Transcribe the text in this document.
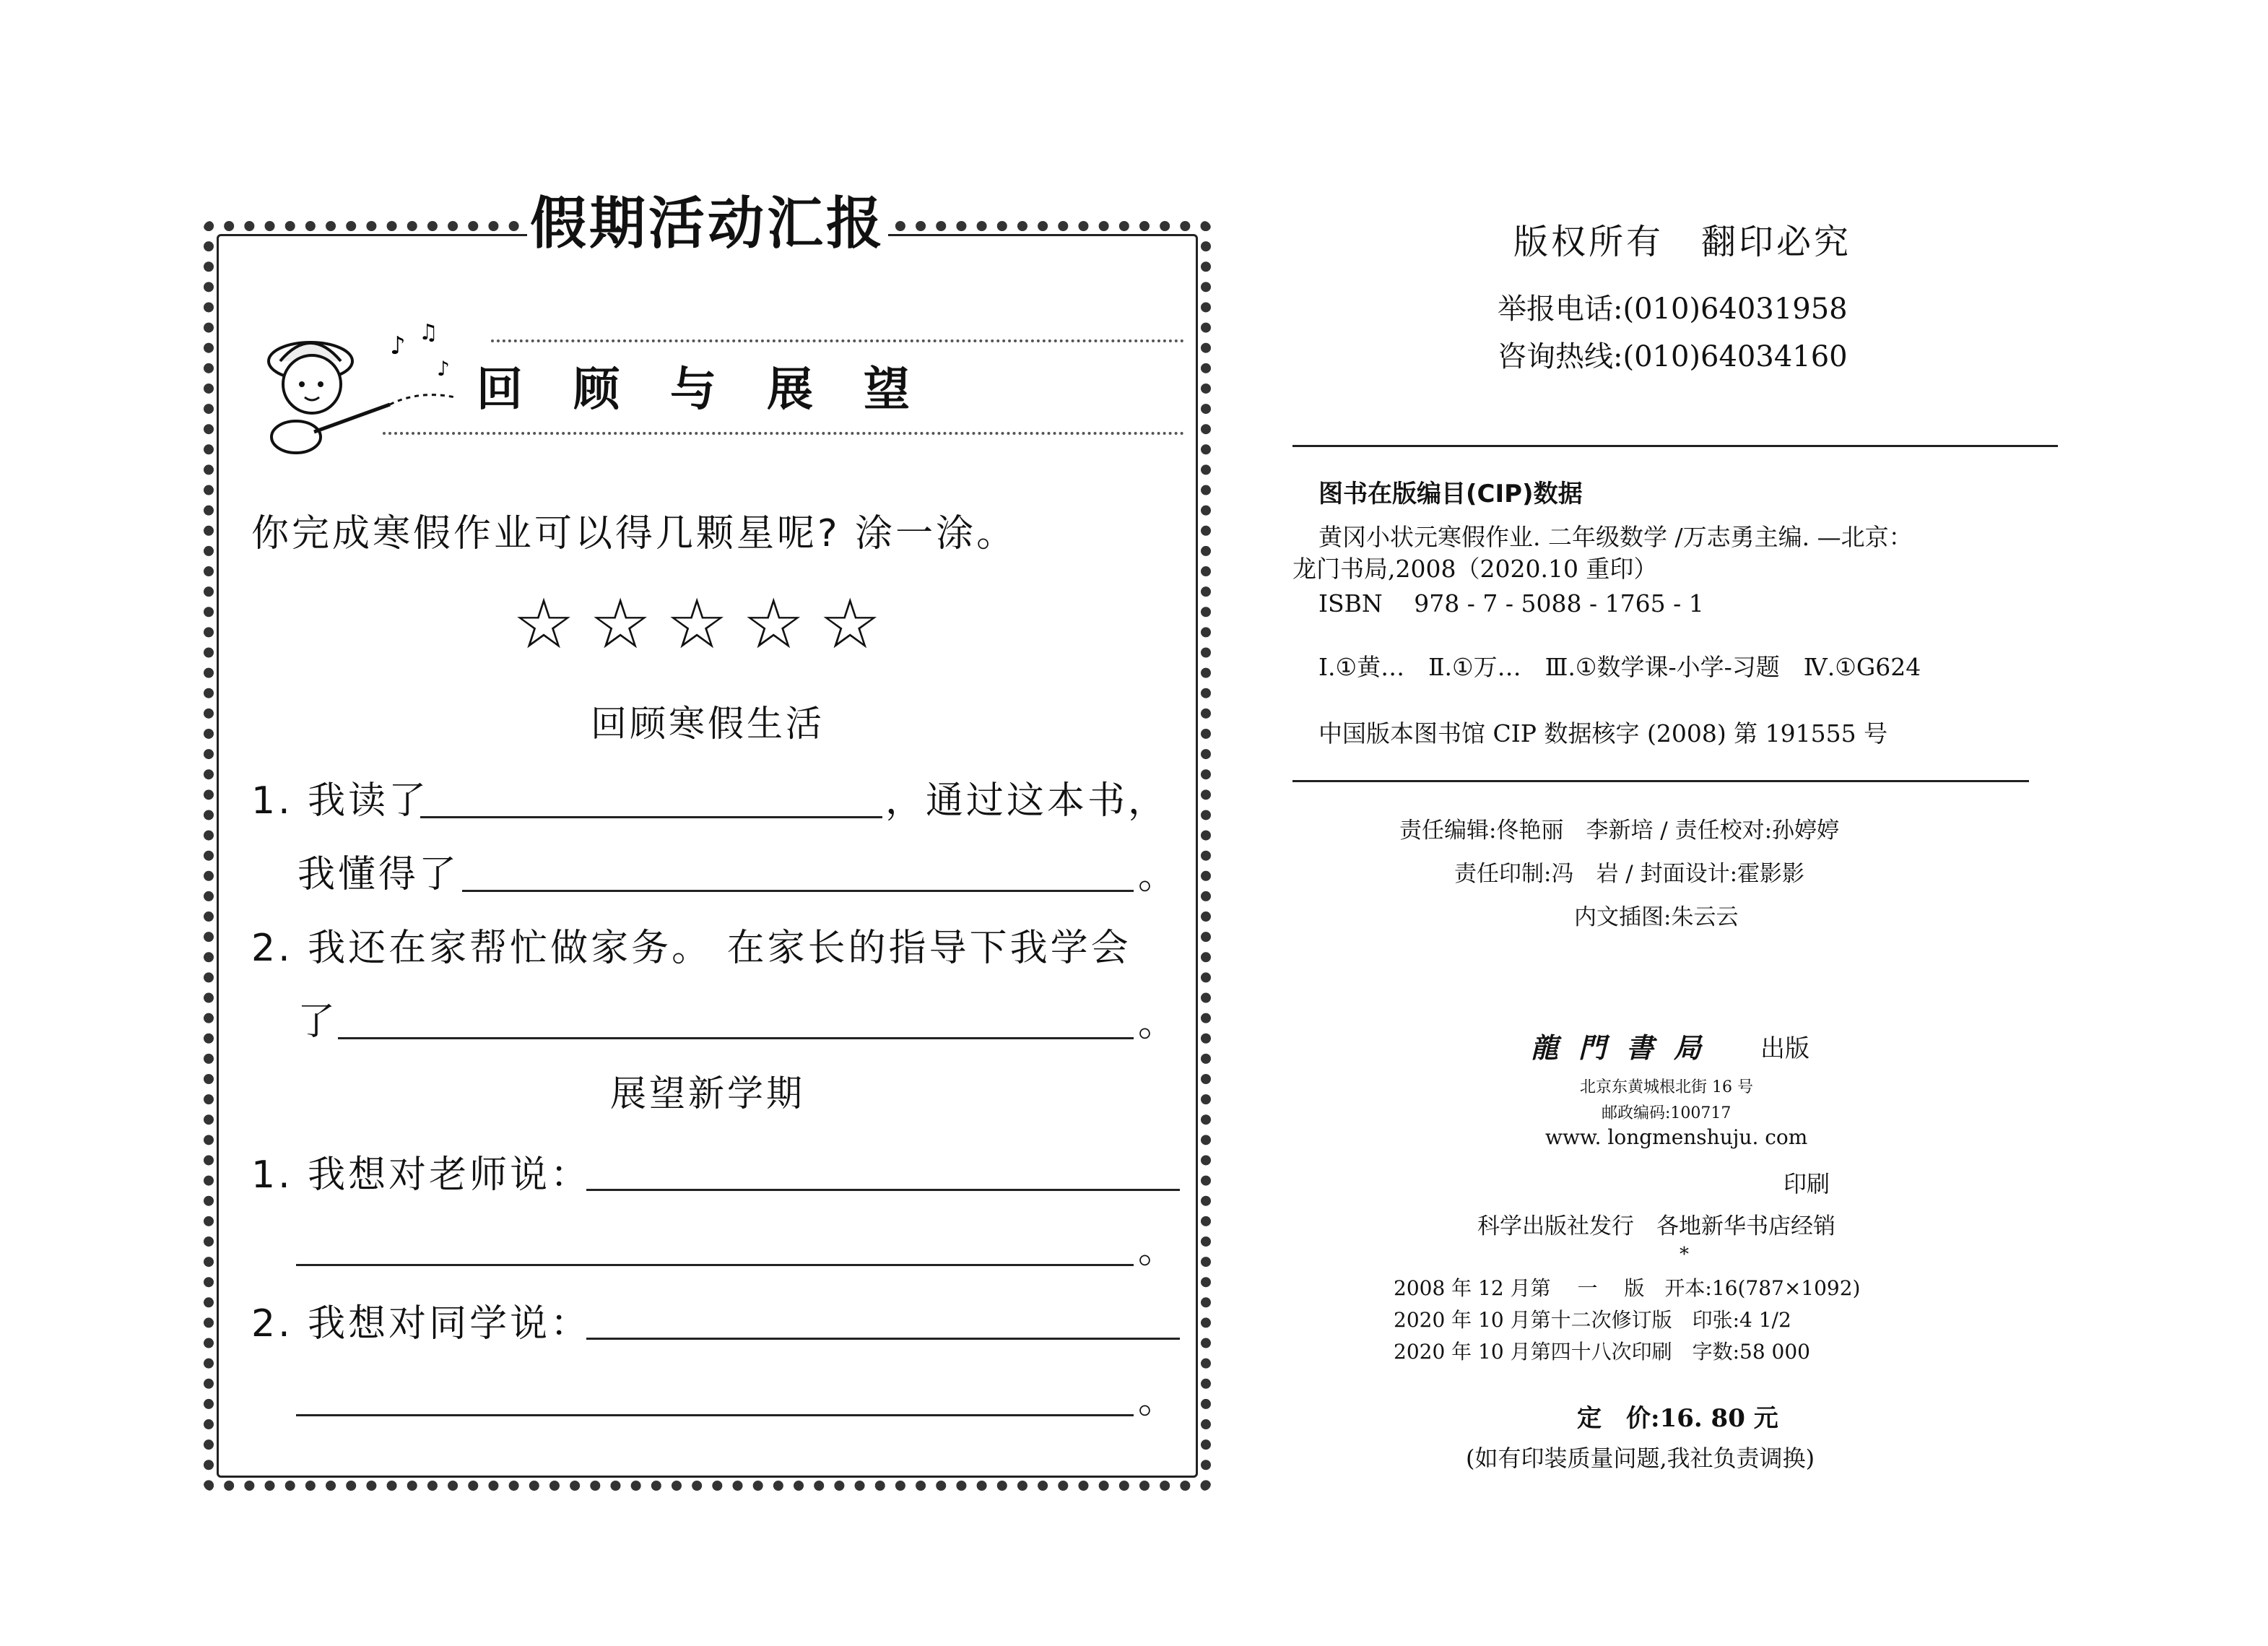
假期活动汇报
♪ ♫
♪ 回顾与展望
你完成寒假作业可以得几颗星呢? 涂一涂。
☆☆☆☆☆
回顾寒假生活
1. 我读了	，通过这本书，
我懂得了	。
2. 我还在家帮忙做家务。 在家长的指导下我学会
了	。
展望新学期
1. 我想对老师说：
。
2. 我想对同学说：
。
版权所有　翻印必究
举报电话:(010)64031958
咨询热线:(010)64034160
图书在版编目(CIP)数据
黄冈小状元寒假作业. 二年级数学 /万志勇主编. —北京：
龙门书局,2008（2020.10 重印）
ISBN　 978 - 7 - 5088 - 1765 - 1
Ⅰ.①黄…　Ⅱ.①万…　Ⅲ.①数学课-小学-习题　Ⅳ.①G624
中国版本图书馆 CIP 数据核字 (2008) 第 191555 号
责任编辑:佟艳丽　李新培 / 责任校对:孙婷婷
责任印制:冯　岩 / 封面设计:霍影影
内文插图:朱云云
龍門書局 出版
北京东黄城根北街 16 号
邮政编码:100717
www. longmenshuju. com
印刷
科学出版社发行　各地新华书店经销
*
2008 年 12 月第　 一　 版　开本:16(787×1092)
2020 年 10 月第十二次修订版　印张:4 1/2
2020 年 10 月第四十八次印刷　字数:58 000
定　价:16. 80 元
(如有印装质量问题,我社负责调换)
